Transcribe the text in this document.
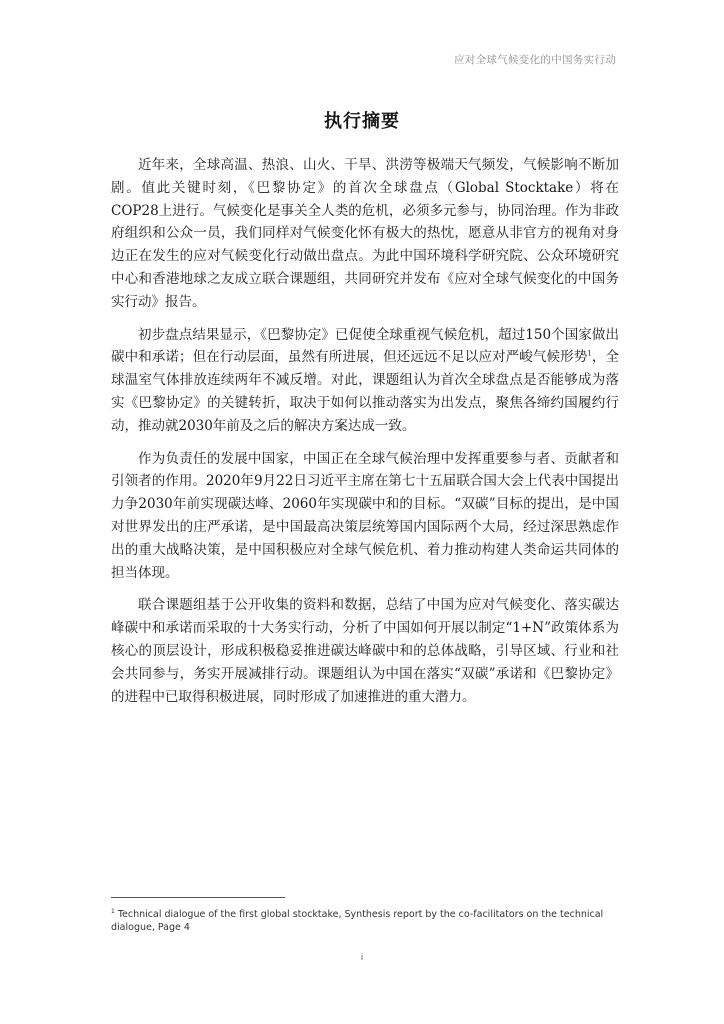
应对全球气候变化的中国务实行动
执行摘要

近年来，全球高温、热浪、山火、干旱、洪涝等极端天气频发，气候影响不断加剧。值此关键时刻，《巴黎协定》的首次全球盘点（Global Stocktake）将在COP28上进行。气候变化是事关全人类的危机，必须多元参与，协同治理。作为非政府组织和公众一员，我们同样对气候变化怀有极大的热忱，愿意从非官方的视角对身边正在发生的应对气候变化行动做出盘点。为此中国环境科学研究院、公众环境研究中心和香港地球之友成立联合课题组，共同研究并发布《应对全球气候变化的中国务实行动》报告。

初步盘点结果显示，《巴黎协定》已促使全球重视气候危机，超过150个国家做出碳中和承诺；但在行动层面，虽然有所进展，但还远远不足以应对严峻气候形势$^1$，全球温室气体排放连续两年不减反增。对此，课题组认为首次全球盘点是否能够成为落实《巴黎协定》的关键转折，取决于如何以推动落实为出发点，聚焦各缔约国履约行动，推动就2030年前及之后的解决方案达成一致。

作为负责任的发展中国家，中国正在全球气候治理中发挥重要参与者、贡献者和引领者的作用。2020年9月22日习近平主席在第七十五届联合国大会上代表中国提出力争2030年前实现碳达峰、2060年实现碳中和的目标。“双碳”目标的提出，是中国对世界发出的庄严承诺，是中国最高决策层统筹国内国际两个大局，经过深思熟虑作出的重大战略决策，是中国积极应对全球气候危机、着力推动构建人类命运共同体的担当体现。

联合课题组基于公开收集的资料和数据，总结了中国为应对气候变化、落实碳达峰碳中和承诺而采取的十大务实行动，分析了中国如何开展以制定“1+N”政策体系为核心的顶层设计，形成积极稳妥推进碳达峰碳中和的总体战略，引导区域、行业和社会共同参与，务实开展减排行动。课题组认为中国在落实“双碳”承诺和《巴黎协定》的进程中已取得积极进展，同时形成了加速推进的重大潜力。

$^1$ Technical dialogue of the first global stocktake, Synthesis report by the co-facilitators on the technical dialogue, Page 4
i
